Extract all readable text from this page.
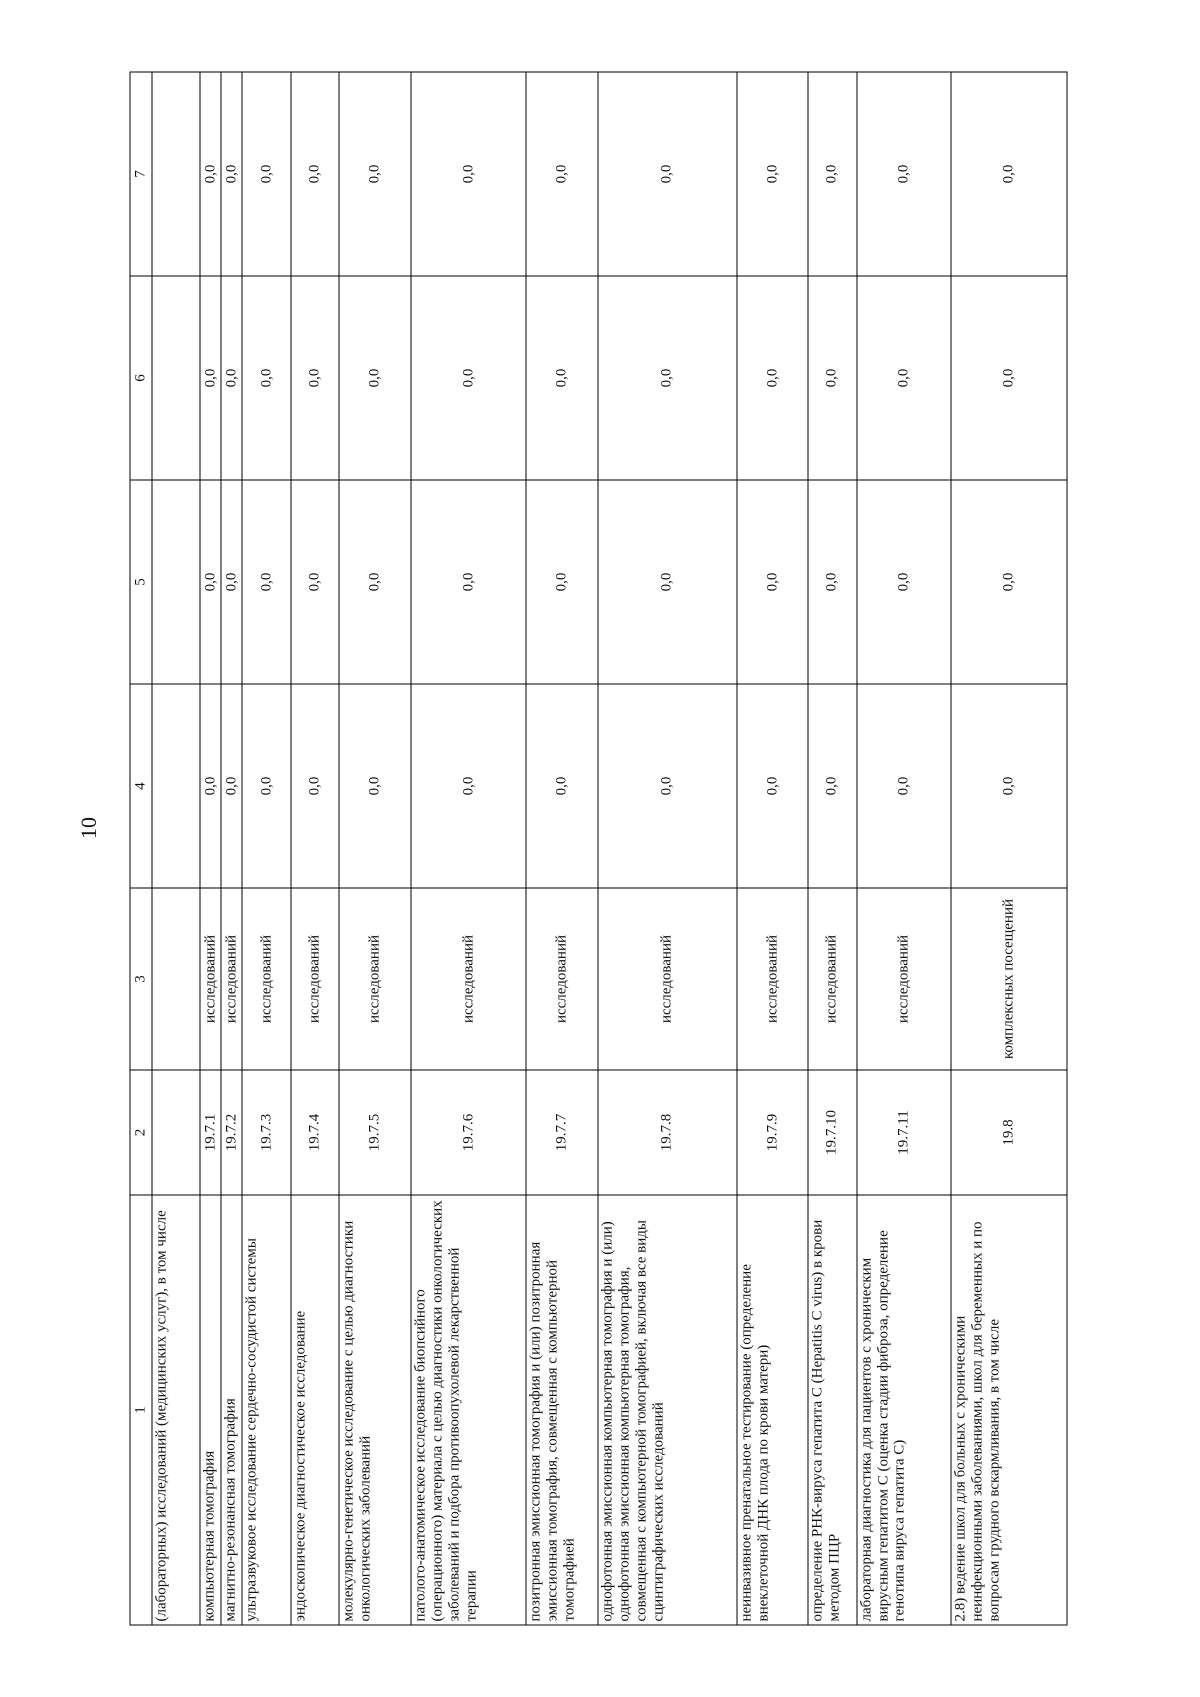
10
1	2	3	4	5	6	7
(лабораторных) исследований (медицинских услуг), в том числе						
компьютерная томография	19.7.1	исследований	0,0	0,0	0,0	0,0
магнитно-резонансная томография	19.7.2	исследований	0,0	0,0	0,0	0,0
ультразвуковое исследование сердечно-сосудистой системы	19.7.3	исследований	0,0	0,0	0,0	0,0
эндоскопическое диагностическое исследование	19.7.4	исследований	0,0	0,0	0,0	0,0
молекулярно-генетическое исследование с целью диагностики онкологических заболеваний	19.7.5	исследований	0,0	0,0	0,0	0,0
патолого-анатомическое исследование биопсийного (операционного) материала с целью диагностики онкологических заболеваний и подбора противоопухолевой лекарственной терапии	19.7.6	исследований	0,0	0,0	0,0	0,0
позитронная эмиссионная томография и (или) позитронная эмиссионная томография, совмещенная с компьютерной томографией	19.7.7	исследований	0,0	0,0	0,0	0,0
однофотонная эмиссионная компьютерная томография и (или) однофотонная эмиссионная компьютерная томография, совмещенная с компьютерной томографией, включая все виды сцинтиграфических исследований	19.7.8	исследований	0,0	0,0	0,0	0,0
неинвазивное пренатальное тестирование (определение внеклеточной ДНК плода по крови матери)	19.7.9	исследований	0,0	0,0	0,0	0,0
определение РНК-вируса гепатита С (Hepatitis C virus) в крови методом ПЦР	19.7.10	исследований	0,0	0,0	0,0	0,0
лабораторная диагностика для пациентов с хроническим вирусным гепатитом С (оценка стадии фиброза, определение генотипа вируса гепатита С)	19.7.11	исследований	0,0	0,0	0,0	0,0
2.8) ведение школ для больных с хроническими неинфекционными заболеваниями, школ для беременных и по вопросам грудного вскармливания, в том числе	19.8	комплексных посещений	0,0	0,0	0,0	0,0
